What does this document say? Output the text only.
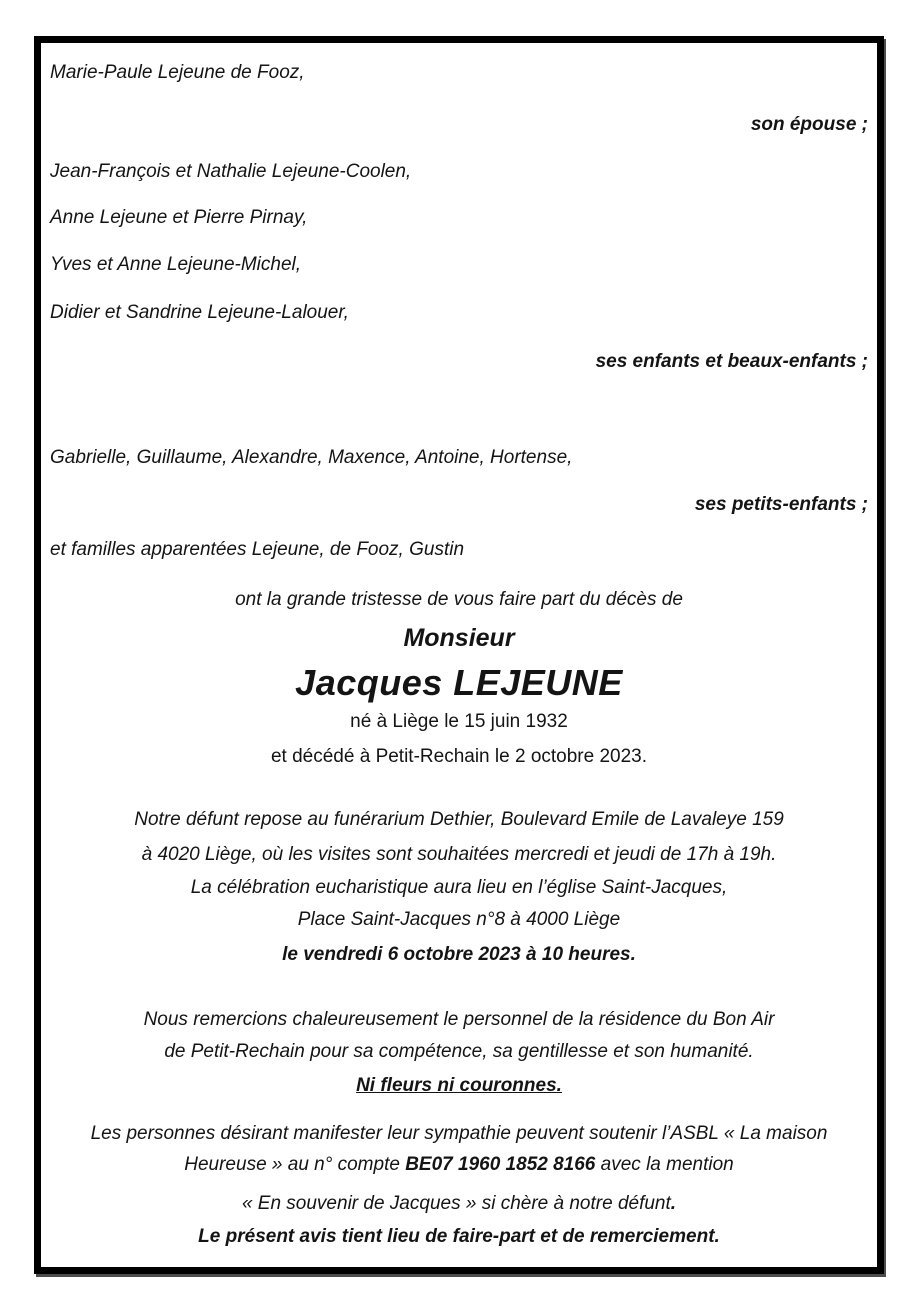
Marie-Paule Lejeune de Fooz,

son épouse ;

Jean-François et Nathalie Lejeune-Coolen,

Anne Lejeune et Pierre Pirnay,

Yves et Anne Lejeune-Michel,

Didier et Sandrine Lejeune-Lalouer,

ses enfants et beaux-enfants ;

Gabrielle, Guillaume, Alexandre, Maxence, Antoine, Hortense,

ses petits-enfants ;

et familles apparentées Lejeune, de Fooz, Gustin

ont la grande tristesse de vous faire part du décès de

Monsieur

Jacques LEJEUNE

né à Liège le 15 juin 1932

et décédé à Petit-Rechain le 2 octobre 2023.

Notre défunt repose au funérarium Dethier, Boulevard Emile de Lavaleye 159

à 4020 Liège, où les visites sont souhaitées mercredi et jeudi de 17h à 19h.

La célébration eucharistique aura lieu en l’église Saint-Jacques,

Place Saint-Jacques n°8 à 4000 Liège

le vendredi 6 octobre 2023 à 10 heures.

Nous remercions chaleureusement le personnel de la résidence du Bon Air

de Petit-Rechain pour sa compétence, sa gentillesse et son humanité.

Ni fleurs ni couronnes.

Les personnes désirant manifester leur sympathie peuvent soutenir l’ASBL « La maison

Heureuse » au n° compte BE07 1960 1852 8166 avec la mention

« En souvenir de Jacques » si chère à notre défunt.

Le présent avis tient lieu de faire-part et de remerciement.
